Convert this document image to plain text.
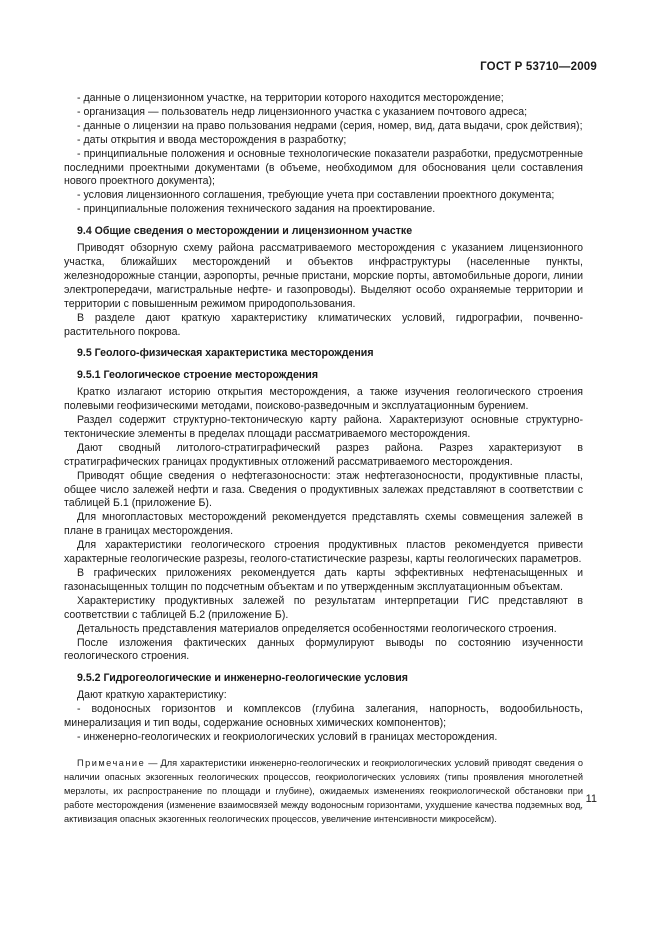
ГОСТ Р 53710—2009

- данные о лицензионном участке, на территории которого находится месторождение;

- организация — пользователь недр лицензионного участка с указанием почтового адреса;

- данные о лицензии на право пользования недрами (серия, номер, вид, дата выдачи, срок действия);

- даты открытия и ввода месторождения в разработку;

- принципиальные положения и основные технологические показатели разработки, предусмотренные последними проектными документами (в объеме, необходимом для обоснования цели составления нового проектного документа);

- условия лицензионного соглашения, требующие учета при составлении проектного документа;

- принципиальные положения технического задания на проектирование.

9.4 Общие сведения о месторождении и лицензионном участке

Приводят обзорную схему района рассматриваемого месторождения с указанием лицензионного участка, ближайших месторождений и объектов инфраструктуры (населенные пункты, железнодорожные станции, аэропорты, речные пристани, морские порты, автомобильные дороги, линии электропередачи, магистральные нефте- и газопроводы). Выделяют особо охраняемые территории и территории с повышенным режимом природопользования.

В разделе дают краткую характеристику климатических условий, гидрографии, почвенно-растительного покрова.

9.5 Геолого-физическая характеристика месторождения

9.5.1 Геологическое строение месторождения

Кратко излагают историю открытия месторождения, а также изучения геологического строения полевыми геофизическими методами, поисково-разведочным и эксплуатационным бурением.

Раздел содержит структурно-тектоническую карту района. Характеризуют основные структурно-тектонические элементы в пределах площади рассматриваемого месторождения.

Дают сводный литолого-стратиграфический разрез района. Разрез характеризуют в стратиграфических границах продуктивных отложений рассматриваемого месторождения.

Приводят общие сведения о нефтегазоносности: этаж нефтегазоносности, продуктивные пласты, общее число залежей нефти и газа. Сведения о продуктивных залежах представляют в соответствии с таблицей Б.1 (приложение Б).

Для многопластовых месторождений рекомендуется представлять схемы совмещения залежей в плане в границах месторождения.

Для характеристики геологического строения продуктивных пластов рекомендуется привести характерные геологические разрезы, геолого-статистические разрезы, карты геологических параметров.

В графических приложениях рекомендуется дать карты эффективных нефтенасыщенных и газонасыщенных толщин по подсчетным объектам и по утвержденным эксплуатационным объектам.

Характеристику продуктивных залежей по результатам интерпретации ГИС представляют в соответствии с таблицей Б.2 (приложение Б).

Детальность представления материалов определяется особенностями геологического строения.

После изложения фактических данных формулируют выводы по состоянию изученности геологического строения.

9.5.2 Гидрогеологические и инженерно-геологические условия

Дают краткую характеристику:

- водоносных горизонтов и комплексов (глубина залегания, напорность, водообильность, минерализация и тип воды, содержание основных химических компонентов);

- инженерно-геологических и геокриологических условий в границах месторождения.

Примечание — Для характеристики инженерно-геологических и геокриологических условий приводят сведения о наличии опасных экзогенных геологических процессов, геокриологических условиях (типы проявления многолетней мерзлоты, их распространение по площади и глубине), ожидаемых изменениях геокриологической обстановки при работе месторождения (изменение взаимосвязей между водоносным горизонтами, ухудшение качества подземных вод, активизация опасных экзогенных геологических процессов, увеличение интенсивности микросейсм).

11
